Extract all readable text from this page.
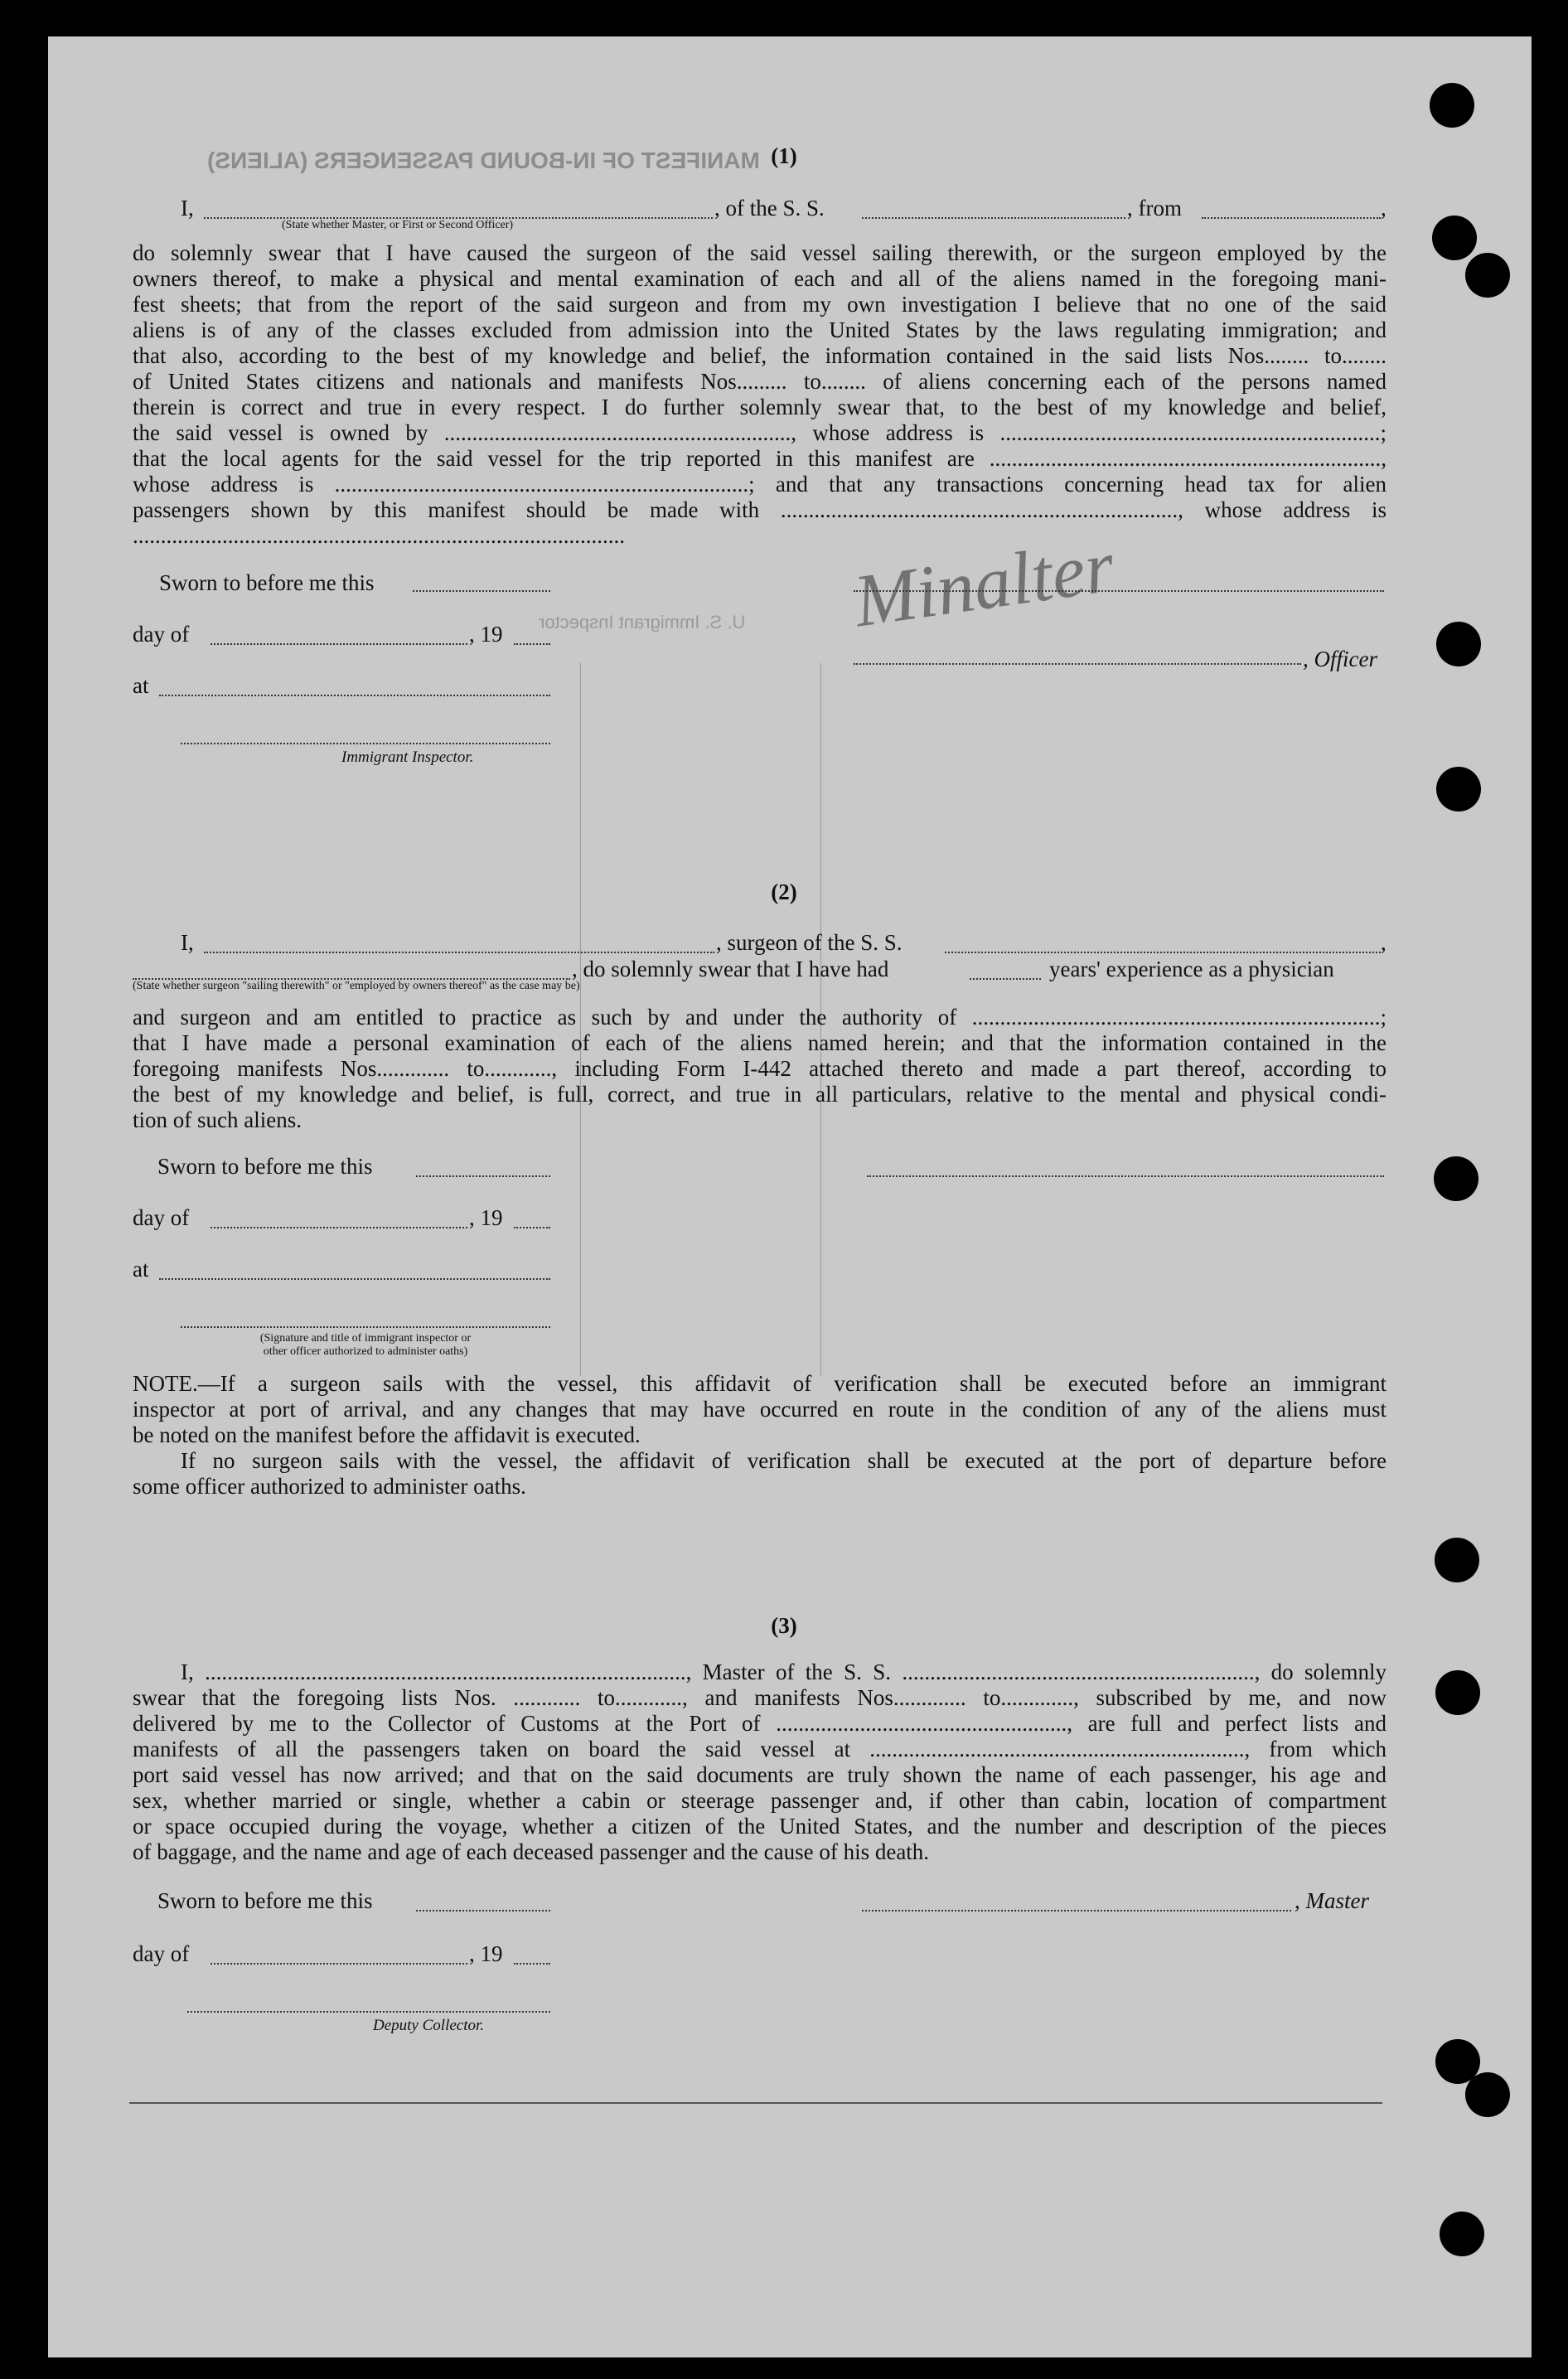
MANIFEST OF IN-BOUND PASSENGERS (ALIENS)
U. S. Immigrant Inspector Minalter
(1)
I,	, of the S. S.	, from	,
(State whether Master, or First or Second Officer)
do solemnly swear that I have caused the surgeon of the said vessel sailing therewith, or the surgeon employed by the
owners thereof, to make a physical and mental examination of each and all of the aliens named in the foregoing mani-
fest sheets; that from the report of the said surgeon and from my own investigation I believe that no one of the said
aliens is of any of the classes excluded from admission into the United States by the laws regulating immigration; and
that also, according to the best of my knowledge and belief, the information contained in the said lists Nos........ to........
of United States citizens and nationals and manifests Nos......... to........ of aliens concerning each of the persons named
therein is correct and true in every respect. I do further solemnly swear that, to the best of my knowledge and belief,
the said vessel is owned by .............................................................., whose address is ....................................................................;
that the local agents for the said vessel for the trip reported in this manifest are ......................................................................,
whose address is ..........................................................................; and that any transactions concerning head tax for alien
passengers shown by this manifest should be made with ......................................................................., whose address is
........................................................................................
Sworn to before me this
day of	, 19
, Officer
at
Immigrant Inspector.
(2)
I,	, surgeon of the S. S.	,
, do solemnly swear that I have had	years' experience as a physician
(State whether surgeon "sailing therewith" or "employed by owners thereof" as the case may be)
and surgeon and am entitled to practice as such by and under the authority of .........................................................................;
that I have made a personal examination of each of the aliens named herein; and that the information contained in the
foregoing manifests Nos............. to............, including Form I-442 attached thereto and made a part thereof, according to
the best of my knowledge and belief, is full, correct, and true in all particulars, relative to the mental and physical condi-
tion of such aliens.
Sworn to before me this
day of	, 19
at
(Signature and title of immigrant inspector or
other officer authorized to administer oaths)
NOTE.—If a surgeon sails with the vessel, this affidavit of verification shall be executed before an immigrant
inspector at port of arrival, and any changes that may have occurred en route in the condition of any of the aliens must
be noted on the manifest before the affidavit is executed.
If no surgeon sails with the vessel, the affidavit of verification shall be executed at the port of departure before
some officer authorized to administer oaths.
(3)
I, ......................................................................................, Master of the S. S. ..............................................................., do solemnly
swear that the foregoing lists Nos. ............ to............, and manifests Nos............. to............., subscribed by me, and now
delivered by me to the Collector of Customs at the Port of ...................................................., are full and perfect lists and
manifests of all the passengers taken on board the said vessel at ..................................................................., from which
port said vessel has now arrived; and that on the said documents are truly shown the name of each passenger, his age and
sex, whether married or single, whether a cabin or steerage passenger and, if other than cabin, location of compartment
or space occupied during the voyage, whether a citizen of the United States, and the number and description of the pieces
of baggage, and the name and age of each deceased passenger and the cause of his death.
Sworn to before me this	, Master
day of	, 19
Deputy Collector.
